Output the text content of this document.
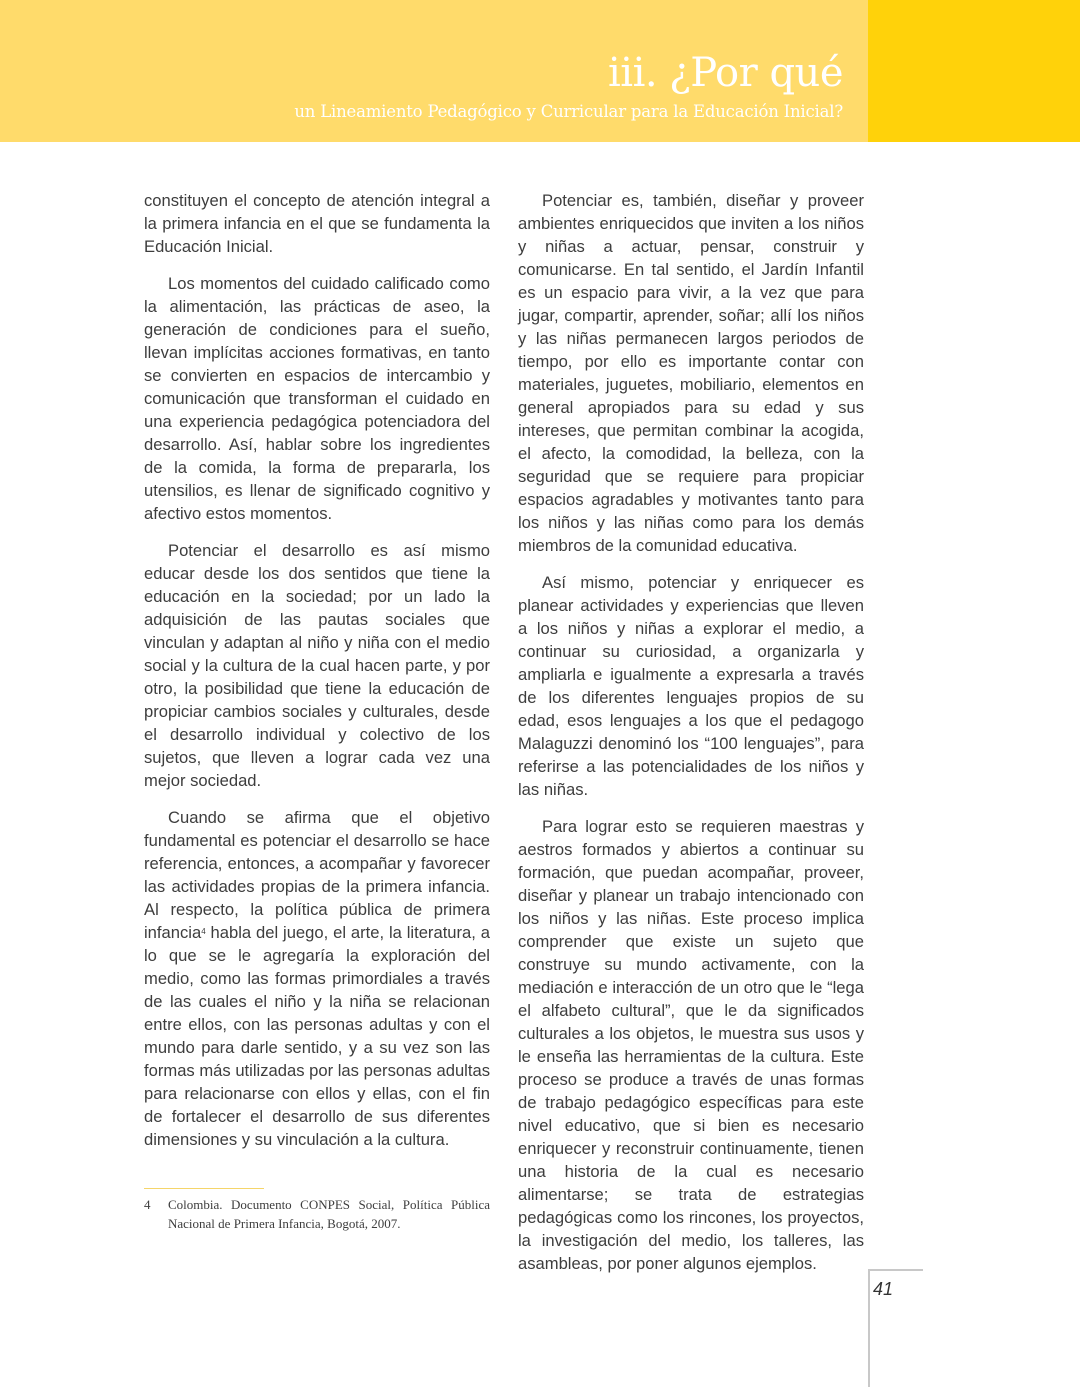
iii. ¿Por qué
un Lineamiento Pedagógico y Curricular para la Educación Inicial?

constituyen el concepto de atención integral a la primera infancia en el que se fundamenta la Educación Inicial.

Los momentos del cuidado calificado como la alimentación, las prácticas de aseo, la generación de condiciones para el sueño, llevan implícitas acciones formativas, en tanto se convierten en espacios de intercambio y comunicación que transforman el cuidado en una experiencia pedagógica potenciadora del desarrollo. Así, hablar sobre los ingredientes de la comida, la forma de prepararla, los utensilios, es llenar de significado cognitivo y afectivo estos momentos.

Potenciar el desarrollo es así mismo educar desde los dos sentidos que tiene la educación en la sociedad; por un lado la adquisición de las pautas sociales que vinculan y adaptan al niño y niña con el medio social y la cultura de la cual hacen parte, y por otro, la posibilidad que tiene la educación de propiciar cambios sociales y culturales, desde el desarrollo individual y colectivo de los sujetos, que lleven a lograr cada vez una mejor sociedad.

Cuando se afirma que el objetivo fundamental es potenciar el desarrollo se hace referencia, entonces, a acompañar y favorecer las actividades propias de la primera infancia. Al respecto, la política pública de primera infancia$^4$ habla del juego, el arte, la literatura, a lo que se le agregaría la exploración del medio, como las formas primordiales a través de las cuales el niño y la niña se relacionan entre ellos, con las personas adultas y con el mundo para darle sentido, y a su vez son las formas más utilizadas por las personas adultas para relacionarse con ellos y ellas, con el fin de fortalecer el desarrollo de sus diferentes dimensiones y su vinculación a la cultura.

Potenciar es, también, diseñar y proveer ambientes enriquecidos que inviten a los niños y niñas a actuar, pensar, construir y comunicarse. En tal sentido, el Jardín Infantil es un espacio para vivir, a la vez que para jugar, compartir, aprender, soñar; allí los niños y las niñas permanecen largos periodos de tiempo, por ello es importante contar con materiales, juguetes, mobiliario, elementos en general apropiados para su edad y sus intereses, que permitan combinar la acogida, el afecto, la comodidad, la belleza, con la seguridad que se requiere para propiciar espacios agradables y motivantes tanto para los niños y las niñas como para los demás miembros de la comunidad educativa.

Así mismo, potenciar y enriquecer es planear actividades y experiencias que lleven a los niños y niñas a explorar el medio, a continuar su curiosidad, a organizarla y ampliarla e igualmente a expresarla a través de los diferentes lenguajes propios de su edad, esos lenguajes a los que el pedagogo Malaguzzi denominó los “100 lenguajes”, para referirse a las potencialidades de los niños y las niñas.

Para lograr esto se requieren maestras y aestros formados y abiertos a continuar su formación, que puedan acompañar, proveer, diseñar y planear un trabajo intencionado con los niños y las niñas. Este proceso implica comprender que existe un sujeto que construye su mundo activamente, con la mediación e interacción de un otro que le “lega el alfabeto cultural”, que le da significados culturales a los objetos, le muestra sus usos y le enseña las herramientas de la cultura. Este proceso se produce a través de unas formas de trabajo pedagógico específicas para este nivel educativo, que si bien es necesario enriquecer y reconstruir continuamente, tienen una historia de la cual es necesario alimentarse; se trata de estrategias pedagógicas como los rincones, los proyectos, la investigación del medio, los talleres, las asambleas, por poner algunos ejemplos.

4 Colombia. Documento CONPES Social, Política Pública Nacional de Primera Infancia, Bogotá, 2007.
41
